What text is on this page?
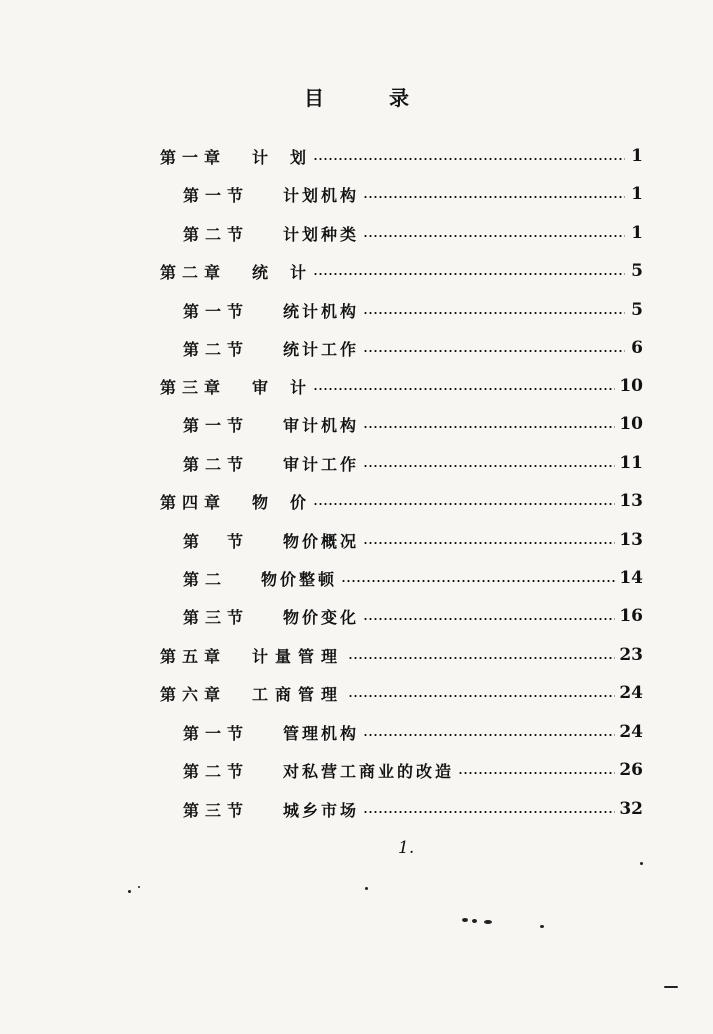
目	录
第一章 计　划	1
第一节 计划机构	1
第二节 计划种类	1
第二章 统　计	5
第一节 统计机构	5
第二节 统计工作	6
第三章 审　计	10
第一节 审计机构	10
第二节 审计工作	11
第四章 物　价	13
第　节 物价概况	13
第二 物价整顿	14
第三节 物价变化	16
第五章 计量管理	23
第六章 工商管理	24
第一节 管理机构	24
第二节 对私营工商业的改造	26
第三节 城乡市场	32
1.
